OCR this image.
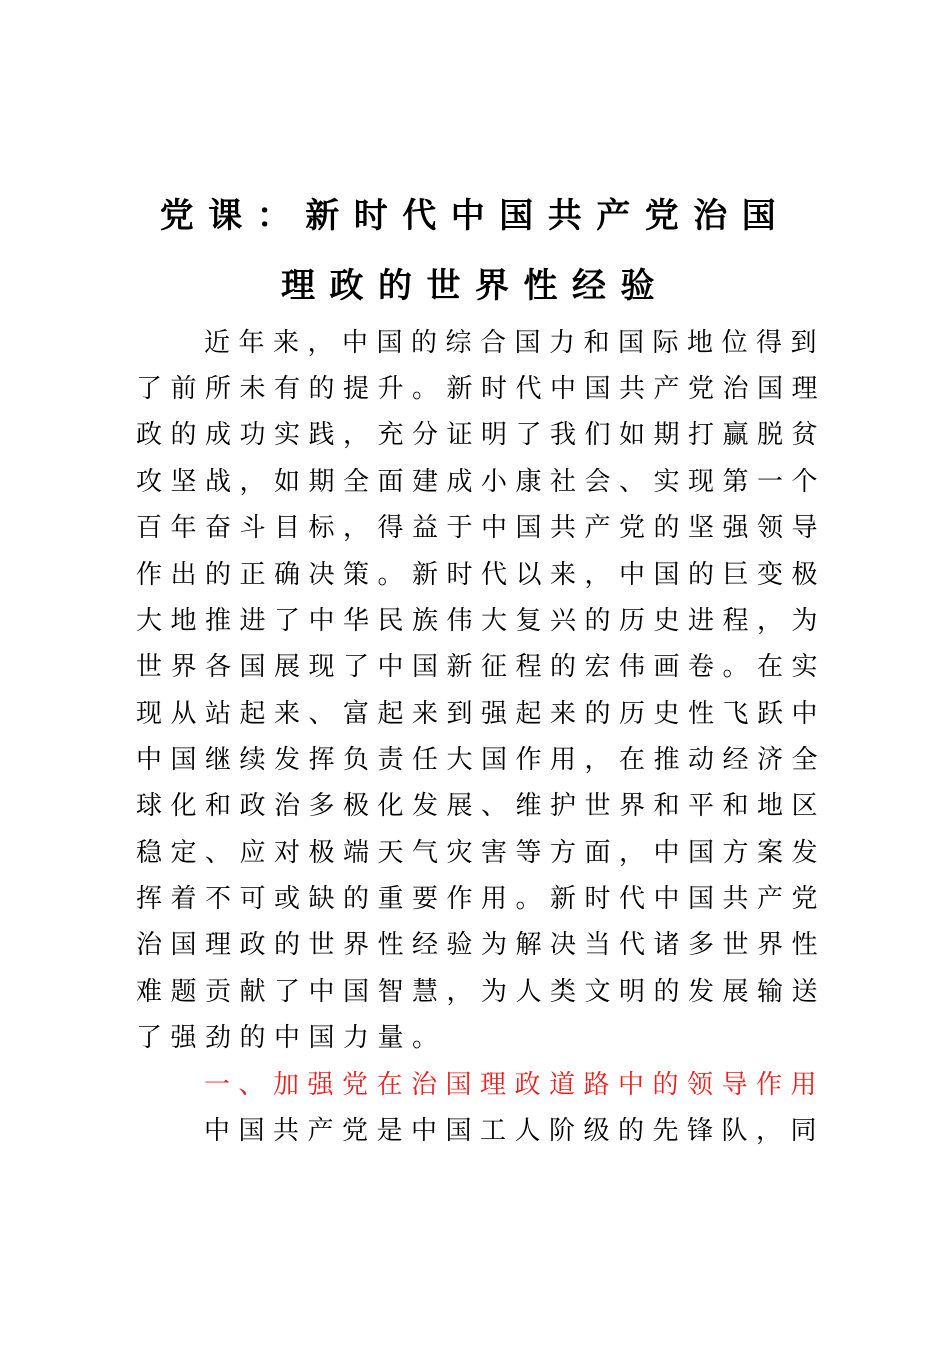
党课：新时代中国共产党治国
理政的世界性经验
近年来，中国的综合国力和国际地位得到
了前所未有的提升。新时代中国共产党治国理
政的成功实践，充分证明了我们如期打赢脱贫
攻坚战，如期全面建成小康社会、实现第一个
百年奋斗目标，得益于中国共产党的坚强领导
作出的正确决策。新时代以来，中国的巨变极
大地推进了中华民族伟大复兴的历史进程，为
世界各国展现了中国新征程的宏伟画卷。在实
现从站起来、富起来到强起来的历史性飞跃中
中国继续发挥负责任大国作用，在推动经济全
球化和政治多极化发展、维护世界和平和地区
稳定、应对极端天气灾害等方面，中国方案发
挥着不可或缺的重要作用。新时代中国共产党
治国理政的世界性经验为解决当代诸多世界性
难题贡献了中国智慧，为人类文明的发展输送
了强劲的中国力量。
一、加强党在治国理政道路中的领导作用
中国共产党是中国工人阶级的先锋队，同
